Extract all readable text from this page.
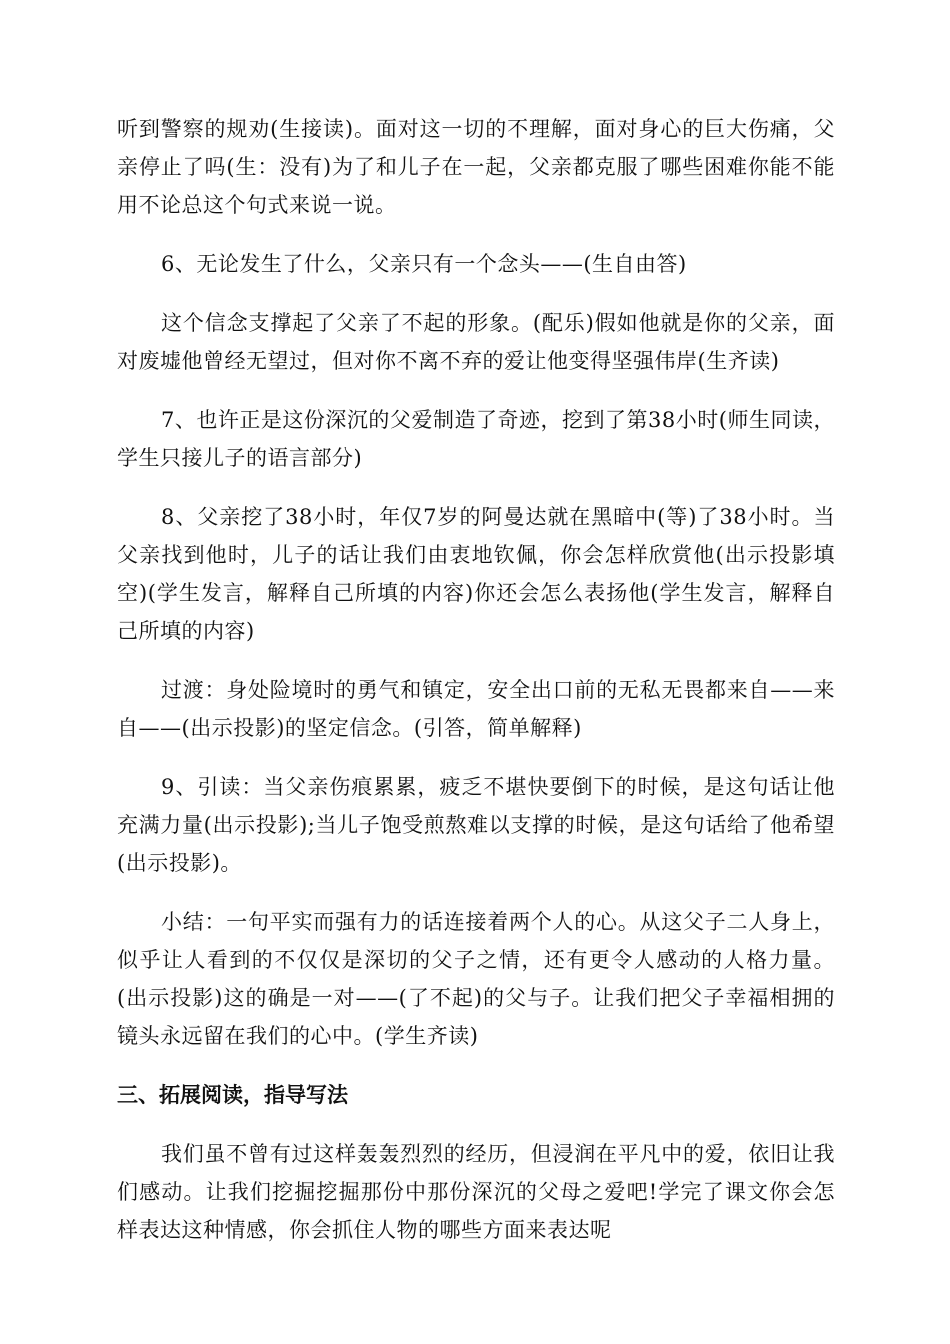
听到警察的规劝(生接读)。面对这一切的不理解，面对身心的巨大伤痛，父亲停止了吗(生：没有)为了和儿子在一起，父亲都克服了哪些困难你能不能用不论总这个句式来说一说。

6、无论发生了什么，父亲只有一个念头——(生自由答)

这个信念支撑起了父亲了不起的形象。(配乐)假如他就是你的父亲，面对废墟他曾经无望过，但对你不离不弃的爱让他变得坚强伟岸(生齐读)

7、也许正是这份深沉的父爱制造了奇迹，挖到了第38小时(师生同读，学生只接儿子的语言部分)

8、父亲挖了38小时，年仅7岁的阿曼达就在黑暗中(等)了38小时。当父亲找到他时，儿子的话让我们由衷地钦佩，你会怎样欣赏他(出示投影填空)(学生发言，解释自己所填的内容)你还会怎么表扬他(学生发言，解释自己所填的内容)

过渡：身处险境时的勇气和镇定，安全出口前的无私无畏都来自——来自——(出示投影)的坚定信念。(引答，简单解释)

9、引读：当父亲伤痕累累，疲乏不堪快要倒下的时候，是这句话让他充满力量(出示投影);当儿子饱受煎熬难以支撑的时候，是这句话给了他希望(出示投影)。

小结：一句平实而强有力的话连接着两个人的心。从这父子二人身上，似乎让人看到的不仅仅是深切的父子之情，还有更令人感动的人格力量。(出示投影)这的确是一对——(了不起)的父与子。让我们把父子幸福相拥的镜头永远留在我们的心中。(学生齐读)

三、拓展阅读，指导写法

我们虽不曾有过这样轰轰烈烈的经历，但浸润在平凡中的爱，依旧让我们感动。让我们挖掘挖掘那份中那份深沉的父母之爱吧!学完了课文你会怎样表达这种情感，你会抓住人物的哪些方面来表达呢
